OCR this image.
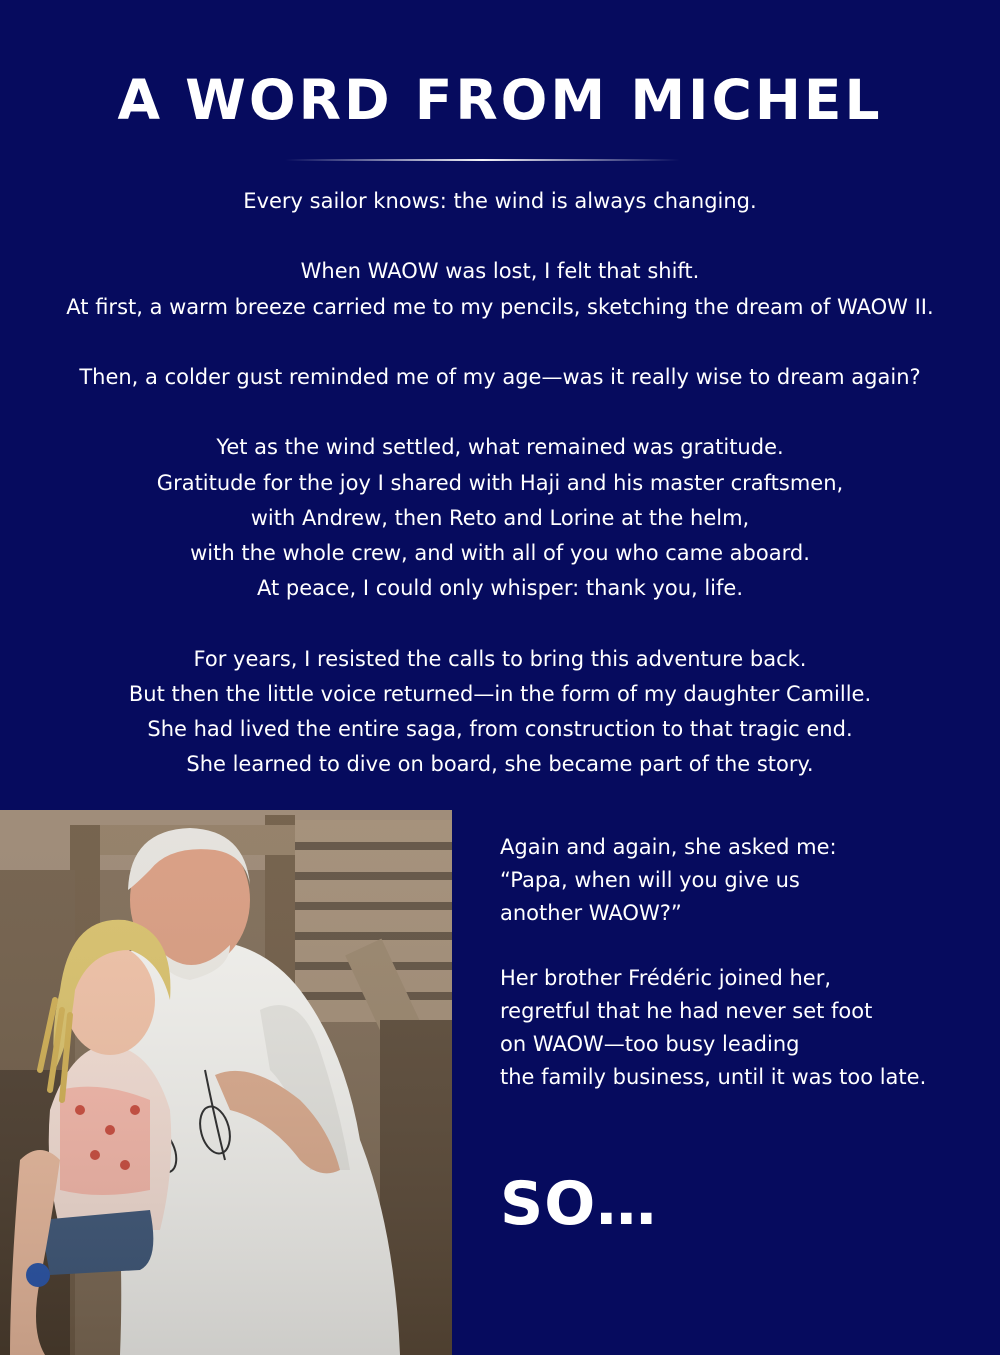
A WORD FROM MICHEL
Every sailor knows: the wind is always changing.
When WAOW was lost, I felt that shift.
At first, a warm breeze carried me to my pencils, sketching the dream of WAOW II.
Then, a colder gust reminded me of my age—was it really wise to dream again?
Yet as the wind settled, what remained was gratitude.
Gratitude for the joy I shared with Haji and his master craftsmen,
with Andrew, then Reto and Lorine at the helm,
with the whole crew, and with all of you who came aboard.
At peace, I could only whisper: thank you, life.
For years, I resisted the calls to bring this adventure back.
But then the little voice returned—in the form of my daughter Camille.
She had lived the entire saga, from construction to that tragic end.
She learned to dive on board, she became part of the story.
Again and again, she asked me:
“Papa, when will you give us
another WAOW?”
Her brother Frédéric joined her,
regretful that he had never set foot
on WAOW—too busy leading
the family business, until it was too late.
SO…
